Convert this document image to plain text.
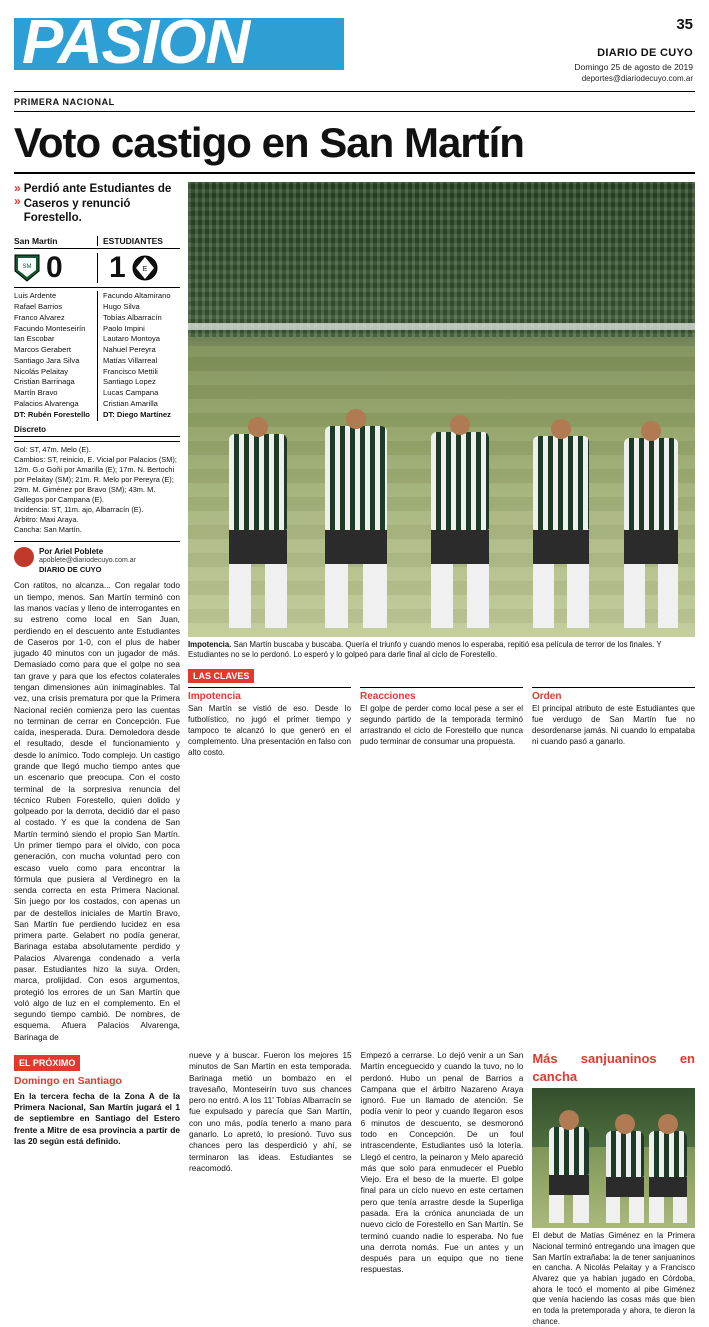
PASION	35
DIARIO DE CUYO
Domingo 25 de agosto de 2019
deportes@diariodecuyo.com.ar
PRIMERA NACIONAL
Voto castigo en San Martín
»
»
Perdió ante Estudiantes de Caseros y renunció Forestello.
San Martín	ESTUDIANTES
SM 0 1 E
Luis Ardente
Rafael Barrios
Franco Alvarez
Facundo Monteseirín
Ian Escobar
Marcos Gerabert
Santiago Jara Silva
Nicolás Pelaitay
Cristian Barrinaga
Martín Bravo
Palacios Alvarenga
DT: Rubén Forestello
Facundo Altamirano
Hugo Silva
Tobías Albarracín
Paolo Impini
Lautaro Montoya
Nahuel Pereyra
Matías Villarreal
Francisco Mettili
Santiago Lopez
Lucas Campana
Cristian Amarilla
DT: Diego Martínez
Discreto
Gol: ST, 47m. Melo (E).
Cambios: ST, reinicio, E. Vicial por Palacios (SM); 12m. G.o Goñi por Amarilla (E); 17m. N. Bertochi por Pelaitay (SM); 21m. R. Melo por Pereyra (E); 29m. M. Giménez por Bravo (SM); 43m. M. Gallegos por Campana (E).
Incidencia: ST, 11m. ajo, Albarracín (E).
Árbitro: Maxi Araya.
Cancha: San Martín.
Por Ariel Poblete
apoblete@diariodecuyo.com.ar
DIARIO DE CUYO
Con ratitos, no alcanza... Con regalar todo un tiempo, menos. San Martín terminó con las manos vacías y lleno de interrogantes en su estreno como local en San Juan, perdiendo en el descuento ante Estudiantes de Caseros por 1-0, con el plus de haber jugado 40 minutos con un jugador de más. Demasiado como para que el golpe no sea tan grave y para que los efectos colaterales tengan dimensiones aún inimaginables. Tal vez, una crisis prematura por que la Primera Nacional recién comienza pero las cuentas no terminan de cerrar en Concepción. Fue caída, inesperada. Dura. Demoledora desde el resultado, desde el funcionamiento y desde lo anímico. Todo complejo. Un castigo grande que llegó mucho tiempo antes que un escenario que preocupa. Con el costo terminal de la sorpresiva renuncia del técnico Ruben Forestello, quien dolido y golpeado por la derrota, decidió dar el paso al costado. Y es que la condena de San Martín terminó siendo el propio San Martín. Un primer tiempo para el olvido, con poca generación, con mucha voluntad pero con escaso vuelo como para encontrar la fórmula que pusiera al Verdinegro en la senda correcta en esta Primera Nacional. Sin juego por los costados, con apenas un par de destellos iniciales de Martín Bravo, San Martín fue perdiendo lucidez en esa primera parte. Gelabert no podía generar, Barinaga estaba absolutamente perdido y Palacios Alvarenga condenado a verla pasar. Estudiantes hizo la suya. Orden, marca, prolijidad. Con esos argumentos, protegió los errores de un San Martín que voló algo de luz en el complemento. En el segundo tiempo cambió. De nombres, de esquema. Afuera Palacios Alvarenga, Barinaga de
Impotencia. San Martín buscaba y buscaba. Quería el triunfo y cuando menos lo esperaba, repitió esa película de terror de los finales. Y Estudiantes no se lo perdonó. Lo esperó y lo golpeó para darle final al ciclo de Forestello.
LAS CLAVES
Impotencia

San Martín se vistió de eso. Desde lo futbolístico, no jugó el primer tiempo y tampoco te alcanzó lo que generó en el complemento. Una presentación en falso con alto costo.

Reacciones

El golpe de perder como local pese a ser el segundo partido de la temporada terminó arrastrando el ciclo de Forestello que nunca pudo terminar de consumar una propuesta.

Orden

El principal atributo de este Estudiantes que fue verdugo de San Martín fue no desordenarse jamás. Ni cuando lo empataba ni cuando pasó a ganarlo.

EL PRÓXIMO
Domingo en Santiago
En la tercera fecha de la Zona A de la Primera Nacional, San Martín jugará el 1 de septiembre en Santiago del Estero frente a Mitre de esa provincia a partir de las 20 según está definido.
nueve y a buscar. Fueron los mejores 15 minutos de San Martín en esta temporada. Barinaga metió un bombazo en el travesaño, Monteseirín tuvo sus chances pero no entró. A los 11' Tobías Albarracín se fue expulsado y parecía que San Martín, con uno más, podía tenerlo a mano para ganarlo. Lo apretó, lo presionó. Tuvo sus chances pero las desperdició y ahí, se terminaron las ideas. Estudiantes se reacomodó.
Empezó a cerrarse. Lo dejó venir a un San Martín enceguecido y cuando la tuvo, no lo perdonó. Hubo un penal de Barrios a Campana que el árbitro Nazareno Araya ignoró. Fue un llamado de atención. Se podía venir lo peor y cuando llegaron esos 6 minutos de descuento, se desmoronó todo en Concepción. De un foul intrascendente, Estudiantes usó la lotería. Llegó el centro, la peinaron y Melo apareció más que solo para enmudecer el Pueblo Viejo. Era el beso de la muerte. El golpe final para un ciclo nuevo en este certamen pero que tenía arrastre desde la Superliga pasada. Era la crónica anunciada de un nuevo ciclo de Forestello en San Martín. Se terminó cuando nadie lo esperaba. No fue una derrota nomás. Fue un antes y un después para un equipo que no tiene respuestas.
Más sanjuaninos en cancha
El debut de Matías Giménez en la Primera Nacional terminó entregando una imagen que San Martín extrañaba: la de tener sanjuaninos en cancha. A Nicolás Pelaitay y a Francisco Alvarez que ya habían jugado en Córdoba, ahora le tocó el momento al pibe Giménez que venía haciendo las cosas más que bien en toda la pretemporada y ahora, te dieron la chance.
